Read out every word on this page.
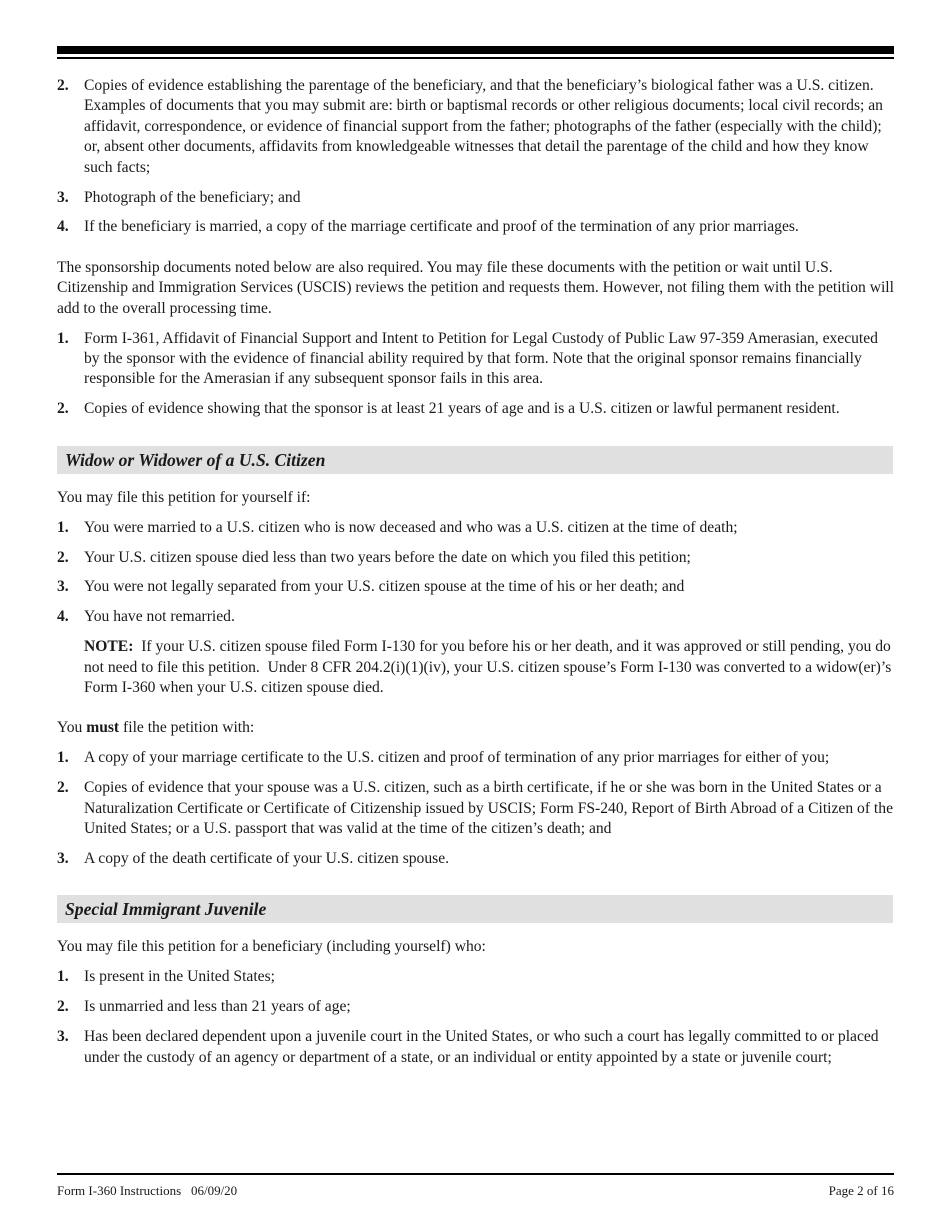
2. Copies of evidence establishing the parentage of the beneficiary, and that the beneficiary’s biological father was a U.S. citizen. Examples of documents that you may submit are: birth or baptismal records or other religious documents; local civil records; an affidavit, correspondence, or evidence of financial support from the father; photographs of the father (especially with the child); or, absent other documents, affidavits from knowledgeable witnesses that detail the parentage of the child and how they know such facts;
3. Photograph of the beneficiary; and
4. If the beneficiary is married, a copy of the marriage certificate and proof of the termination of any prior marriages.

The sponsorship documents noted below are also required. You may file these documents with the petition or wait until U.S. Citizenship and Immigration Services (USCIS) reviews the petition and requests them. However, not filing them with the petition will add to the overall processing time.

1. Form I-361, Affidavit of Financial Support and Intent to Petition for Legal Custody of Public Law 97-359 Amerasian, executed by the sponsor with the evidence of financial ability required by that form. Note that the original sponsor remains financially responsible for the Amerasian if any subsequent sponsor fails in this area.
2. Copies of evidence showing that the sponsor is at least 21 years of age and is a U.S. citizen or lawful permanent resident.
Widow or Widower of a U.S. Citizen

You may file this petition for yourself if:

1. You were married to a U.S. citizen who is now deceased and who was a U.S. citizen at the time of death;
2. Your U.S. citizen spouse died less than two years before the date on which you filed this petition;
3. You were not legally separated from your U.S. citizen spouse at the time of his or her death; and
4. You have not remarried.

NOTE:  If your U.S. citizen spouse filed Form I-130 for you before his or her death, and it was approved or still pending, you do not need to file this petition.  Under 8 CFR 204.2(i)(1)(iv), your U.S. citizen spouse’s Form I-130 was converted to a widow(er)’s Form I-360 when your U.S. citizen spouse died.

You must file the petition with:

1. A copy of your marriage certificate to the U.S. citizen and proof of termination of any prior marriages for either of you;
2. Copies of evidence that your spouse was a U.S. citizen, such as a birth certificate, if he or she was born in the United States or a Naturalization Certificate or Certificate of Citizenship issued by USCIS; Form FS-240, Report of Birth Abroad of a Citizen of the United States; or a U.S. passport that was valid at the time of the citizen’s death; and
3. A copy of the death certificate of your U.S. citizen spouse.
Special Immigrant Juvenile

You may file this petition for a beneficiary (including yourself) who:

1. Is present in the United States;
2. Is unmarried and less than 21 years of age;
3. Has been declared dependent upon a juvenile court in the United States, or who such a court has legally committed to or placed under the custody of an agency or department of a state, or an individual or entity appointed by a state or juvenile court;
Form I-360 Instructions   06/09/20	Page 2 of 16
